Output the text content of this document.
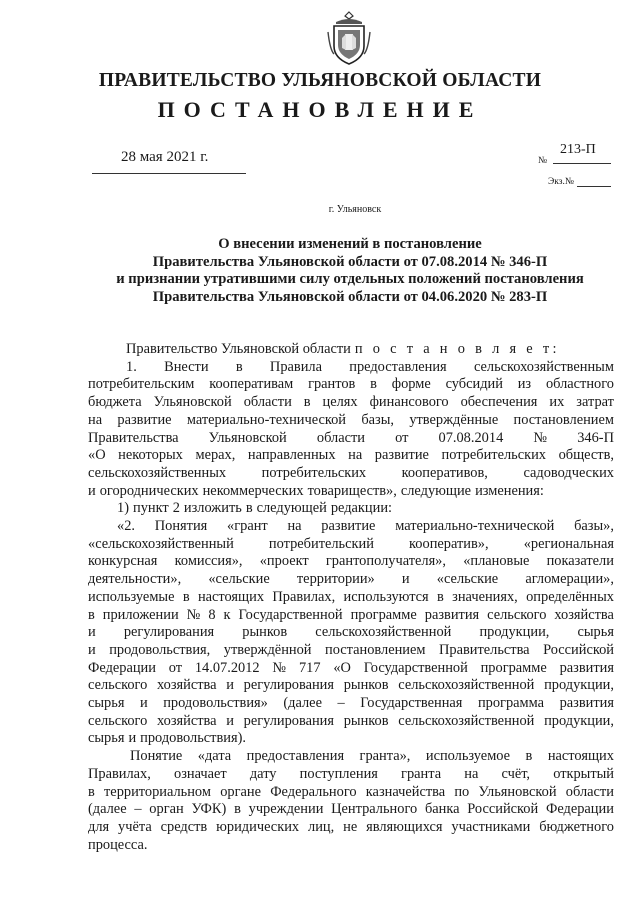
ПРАВИТЕЛЬСТВО УЛЬЯНОВСКОЙ ОБЛАСТИ
ПОСТАНОВЛЕНИЕ
28 мая 2021 г.	213-П
№
Экз.№
г. Ульяновск
О внесении изменений в постановление
Правительства Ульяновской области от 07.08.2014 № 346-П
и признании утратившими силу отдельных положений постановления
Правительства Ульяновской области от 04.06.2020 № 283-П
Правительство Ульяновской области п о с т а н о в л я е т:
1. Внести в Правила предоставления сельскохозяйственным
потребительским кооперативам грантов в форме субсидий из областного
бюджета Ульяновской области в целях финансового обеспечения их затрат
на развитие материально-технической базы, утверждённые постановлением
Правительства Ульяновской области от 07.08.2014 № 346-П
«О некоторых мерах, направленных на развитие потребительских обществ,
сельскохозяйственных потребительских кооперативов, садоводческих
и огороднических некоммерческих товариществ», следующие изменения:
1) пункт 2 изложить в следующей редакции:
«2. Понятия «грант на развитие материально-технической базы»,
«сельскохозяйственный потребительский кооператив», «региональная
конкурсная комиссия», «проект грантополучателя», «плановые показатели
деятельности», «сельские территории» и «сельские агломерации»,
используемые в настоящих Правилах, используются в значениях, определённых
в приложении № 8 к Государственной программе развития сельского хозяйства
и регулирования рынков сельскохозяйственной продукции, сырья
и продовольствия, утверждённой постановлением Правительства Российской
Федерации от 14.07.2012 № 717 «О Государственной программе развития
сельского хозяйства и регулирования рынков сельскохозяйственной продукции,
сырья и продовольствия» (далее – Государственная программа развития
сельского хозяйства и регулирования рынков сельскохозяйственной продукции,
сырья и продовольствия).
Понятие «дата предоставления гранта», используемое в настоящих
Правилах, означает дату поступления гранта на счёт, открытый
в территориальном органе Федерального казначейства по Ульяновской области
(далее – орган УФК) в учреждении Центрального банка Российской Федерации
для учёта средств юридических лиц, не являющихся участниками бюджетного
процесса.
